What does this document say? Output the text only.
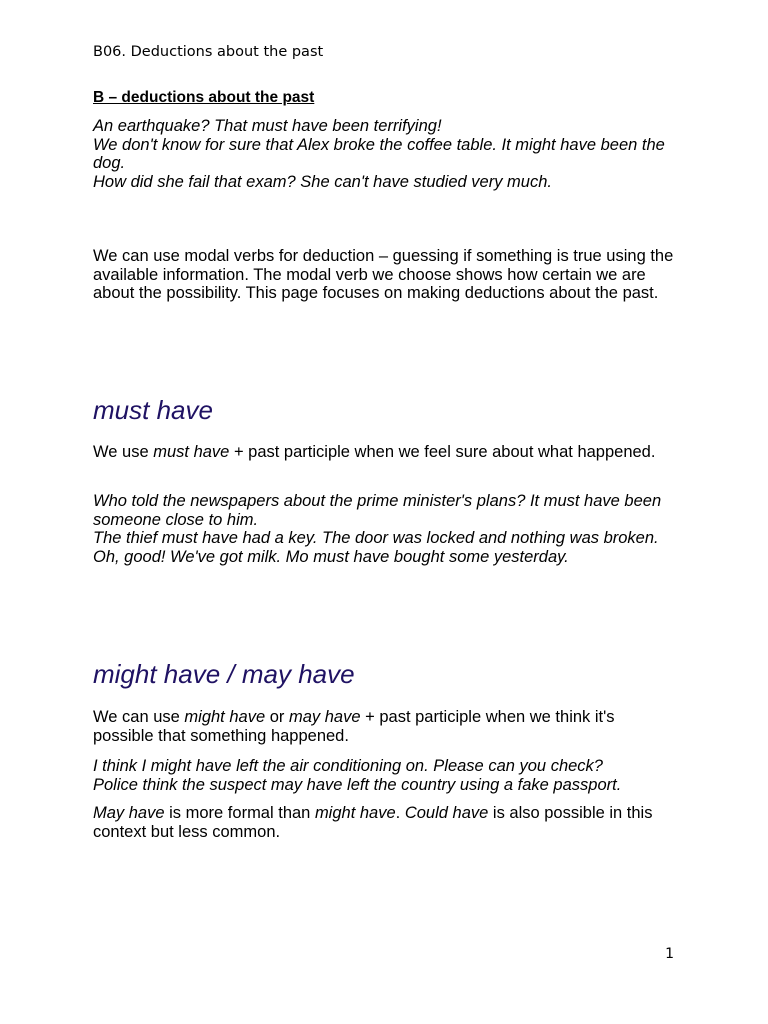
B06. Deductions about the past
B – deductions about the past
An earthquake? That must have been terrifying!
We don't know for sure that Alex broke the coffee table. It might have been the dog.
How did she fail that exam? She can't have studied very much.
We can use modal verbs for deduction – guessing if something is true using the available information. The modal verb we choose shows how certain we are about the possibility. This page focuses on making deductions about the past.
must have
We use must have + past participle when we feel sure about what happened.
Who told the newspapers about the prime minister's plans? It must have been someone close to him.
The thief must have had a key. The door was locked and nothing was broken.
Oh, good! We've got milk. Mo must have bought some yesterday.
might have / may have
We can use might have or may have + past participle when we think it's possible that something happened.
I think I might have left the air conditioning on. Please can you check?
Police think the suspect may have left the country using a fake passport.
May have is more formal than might have. Could have is also possible in this context but less common.
1
